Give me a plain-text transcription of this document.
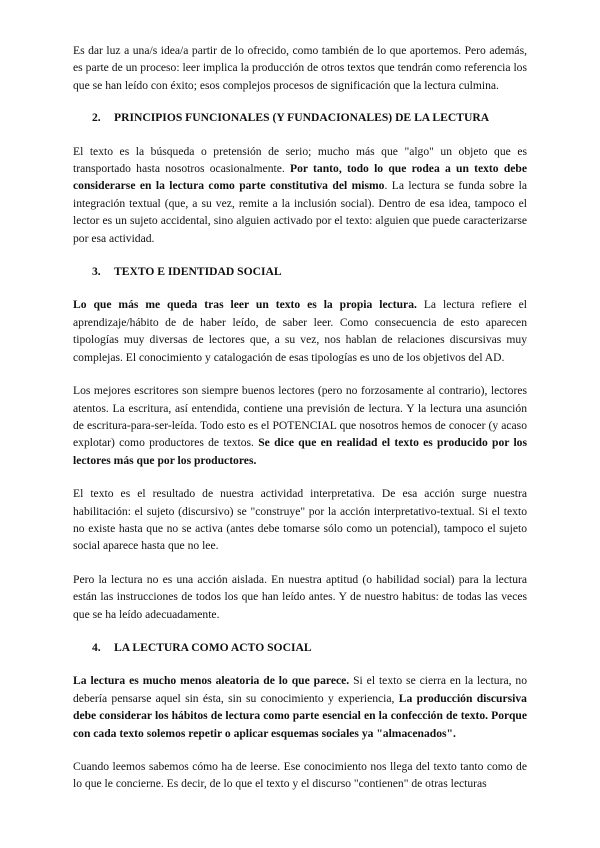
Es dar luz a una/s idea/a partir de lo ofrecido, como también de lo que aportemos. Pero además, es parte de un proceso: leer implica la producción de otros textos que tendrán como referencia los que se han leído con éxito; esos complejos procesos de significación que la lectura culmina.

2. PRINCIPIOS FUNCIONALES (Y FUNDACIONALES) DE LA LECTURA

El texto es la búsqueda o pretensión de serio; mucho más que "algo" un objeto que es transportado hasta nosotros ocasionalmente. Por tanto, todo lo que rodea a un texto debe considerarse en la lectura como parte constitutiva del mismo. La lectura se funda sobre la integración textual (que, a su vez, remite a la inclusión social). Dentro de esa idea, tampoco el lector es un sujeto accidental, sino alguien activado por el texto: alguien que puede caracterizarse por esa actividad.

3. TEXTO E IDENTIDAD SOCIAL

Lo que más me queda tras leer un texto es la propia lectura. La lectura refiere el aprendizaje/hábito de de haber leído, de saber leer. Como consecuencia de esto aparecen tipologías muy diversas de lectores que, a su vez, nos hablan de relaciones discursivas muy complejas. El conocimiento y catalogación de esas tipologías es uno de los objetivos del AD.

Los mejores escritores son siempre buenos lectores (pero no forzosamente al contrario), lectores atentos. La escritura, así entendida, contiene una previsión de lectura. Y la lectura una asunción de escritura-para-ser-leída. Todo esto es el POTENCIAL que nosotros hemos de conocer (y acaso explotar) como productores de textos. Se dice que en realidad el texto es producido por los lectores más que por los productores.

El texto es el resultado de nuestra actividad interpretativa. De esa acción surge nuestra habilitación: el sujeto (discursivo) se "construye" por la acción interpretativo-textual. Si el texto no existe hasta que no se activa (antes debe tomarse sólo como un potencial), tampoco el sujeto social aparece hasta que no lee.

Pero la lectura no es una acción aislada. En nuestra aptitud (o habilidad social) para la lectura están las instrucciones de todos los que han leído antes. Y de nuestro habitus: de todas las veces que se ha leído adecuadamente.

4. LA LECTURA COMO ACTO SOCIAL

La lectura es mucho menos aleatoria de lo que parece. Si el texto se cierra en la lectura, no debería pensarse aquel sin ésta, sin su conocimiento y experiencia, La producción discursiva debe considerar los hábitos de lectura como parte esencial en la confección de texto. Porque con cada texto solemos repetir o aplicar esquemas sociales ya "almacenados".

Cuando leemos sabemos cómo ha de leerse. Ese conocimiento nos llega del texto tanto como de lo que le concierne. Es decir, de lo que el texto y el discurso "contienen" de otras lecturas
